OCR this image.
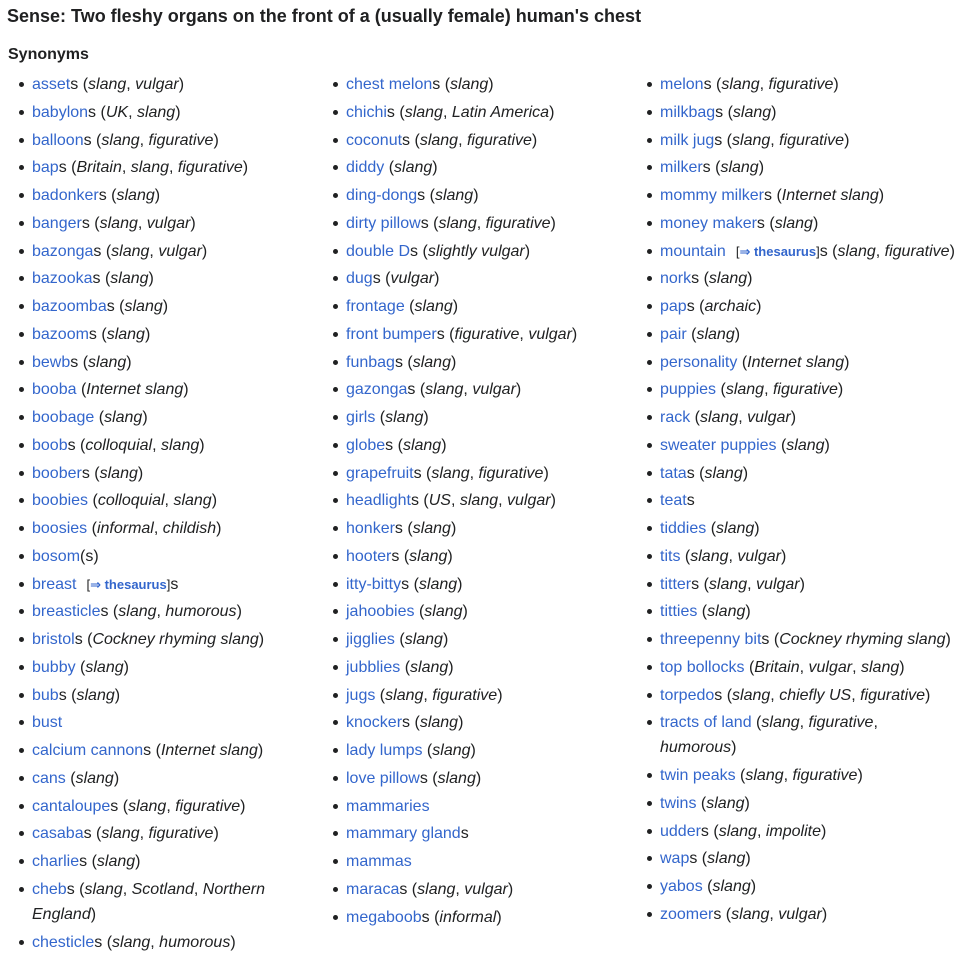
Sense: Two fleshy organs on the front of a (usually female) human's chest
Synonyms
assets (slang, vulgar)
babylons (UK, slang)
balloons (slang, figurative)
baps (Britain, slang, figurative)
badonkers (slang)
bangers (slang, vulgar)
bazongas (slang, vulgar)
bazookas (slang)
bazoombas (slang)
bazooms (slang)
bewbs (slang)
booba (Internet slang)
boobage (slang)
boobs (colloquial, slang)
boobers (slang)
boobies (colloquial, slang)
boosies (informal, childish)
bosom(s)
breast [⇒ thesaurus]s
breasticles (slang, humorous)
bristols (Cockney rhyming slang)
bubby (slang)
bubs (slang)
bust
calcium cannons (Internet slang)
cans (slang)
cantaloupes (slang, figurative)
casabas (slang, figurative)
charlies (slang)
chebs (slang, Scotland, Northern England)
chesticles (slang, humorous)
chest melons (slang)
chichis (slang, Latin America)
coconuts (slang, figurative)
diddy (slang)
ding-dongs (slang)
dirty pillows (slang, figurative)
double Ds (slightly vulgar)
dugs (vulgar)
frontage (slang)
front bumpers (figurative, vulgar)
funbags (slang)
gazongas (slang, vulgar)
girls (slang)
globes (slang)
grapefruits (slang, figurative)
headlights (US, slang, vulgar)
honkers (slang)
hooters (slang)
itty-bittys (slang)
jahoobies (slang)
jigglies (slang)
jubblies (slang)
jugs (slang, figurative)
knockers (slang)
lady lumps (slang)
love pillows (slang)
mammaries
mammary glands
mammas
maracas (slang, vulgar)
megaboobs (informal)
melons (slang, figurative)
milkbags (slang)
milk jugs (slang, figurative)
milkers (slang)
mommy milkers (Internet slang)
money makers (slang)
mountain [⇒ thesaurus]s (slang, figurative)
norks (slang)
paps (archaic)
pair (slang)
personality (Internet slang)
puppies (slang, figurative)
rack (slang, vulgar)
sweater puppies (slang)
tatas (slang)
teats
tiddies (slang)
tits (slang, vulgar)
titters (slang, vulgar)
titties (slang)
threepenny bits (Cockney rhyming slang)
top bollocks (Britain, vulgar, slang)
torpedos (slang, chiefly US, figurative)
tracts of land (slang, figurative, humorous)
twin peaks (slang, figurative)
twins (slang)
udders (slang, impolite)
waps (slang)
yabos (slang)
zoomers (slang, vulgar)
